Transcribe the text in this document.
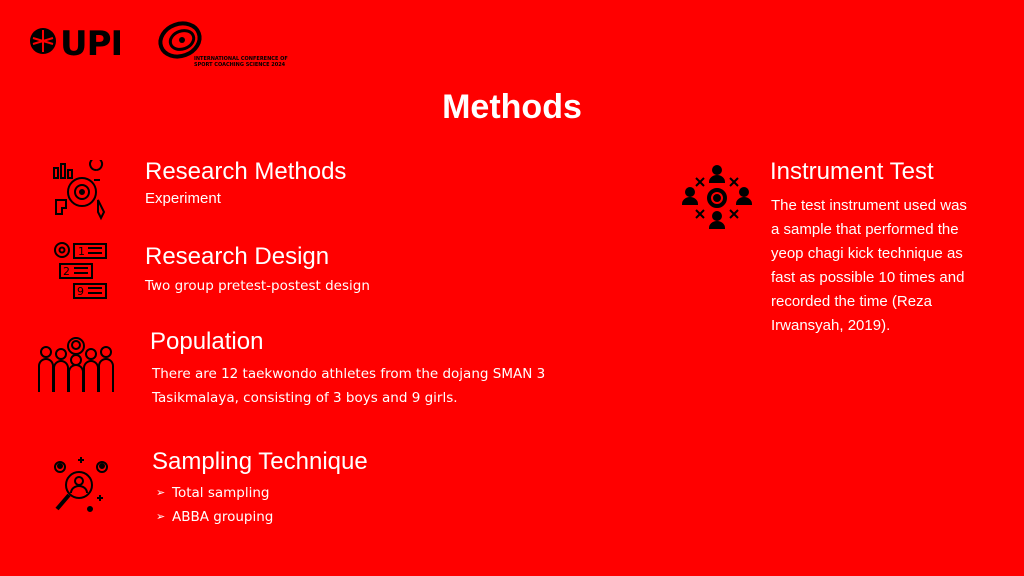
UPI	INTERNATIONAL CONFERENCE OF SPORT COACHING SCIENCE 2024
Methods
Research Methods
Experiment
1
2
9
Research Design
Two group pretest-postest design
Population
There are 12 taekwondo athletes from the dojang SMAN 3
Tasikmalaya, consisting of 3 boys and 9 girls.
Sampling Technique
➢ Total sampling
➢ ABBA grouping
Instrument Test
The test instrument used was
a sample that performed the
yeop chagi kick technique as
fast as possible 10 times and
recorded the time (Reza
Irwansyah, 2019).
